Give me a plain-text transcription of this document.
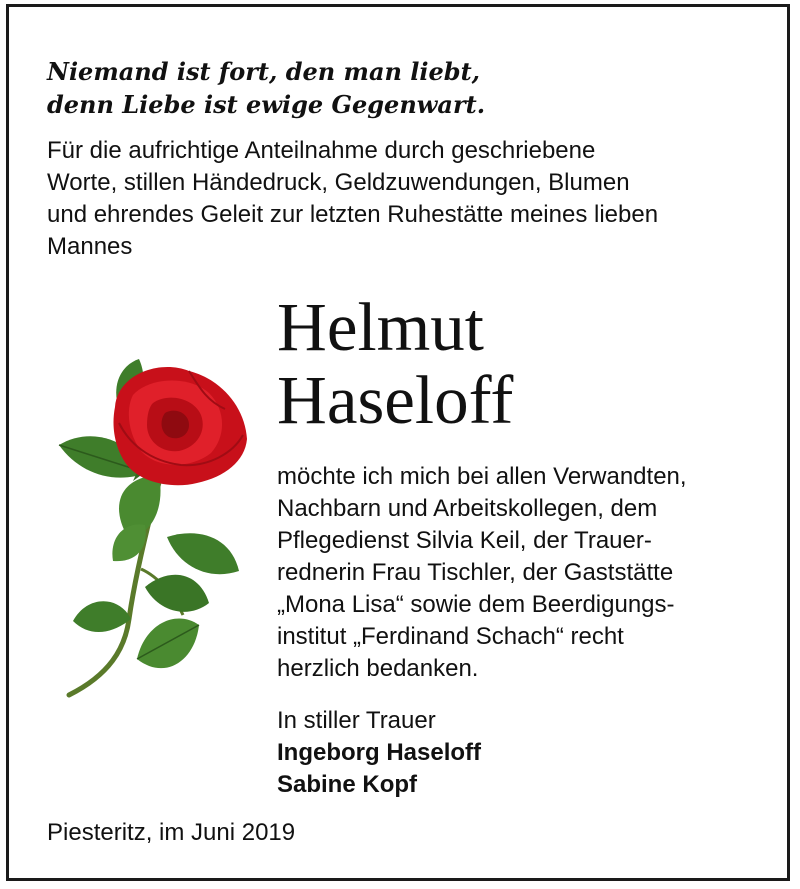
Niemand ist fort, den man liebt,
denn Liebe ist ewige Gegenwart.
Für die aufrichtige Anteilnahme durch geschriebene
Worte, stillen Händedruck, Geldzuwendungen, Blumen
und ehrendes Geleit zur letzten Ruhestätte meines lieben
Mannes
Helmut
Haseloff
möchte ich mich bei allen Verwandten,
Nachbarn und Arbeitskollegen, dem
Pflegedienst Silvia Keil, der Trauer-
rednerin Frau Tischler, der Gaststätte
„Mona Lisa“ sowie dem Beerdigungs-
institut „Ferdinand Schach“ recht
herzlich bedanken.
In stiller Trauer
Ingeborg Haseloff
Sabine Kopf
Piesteritz, im Juni 2019
